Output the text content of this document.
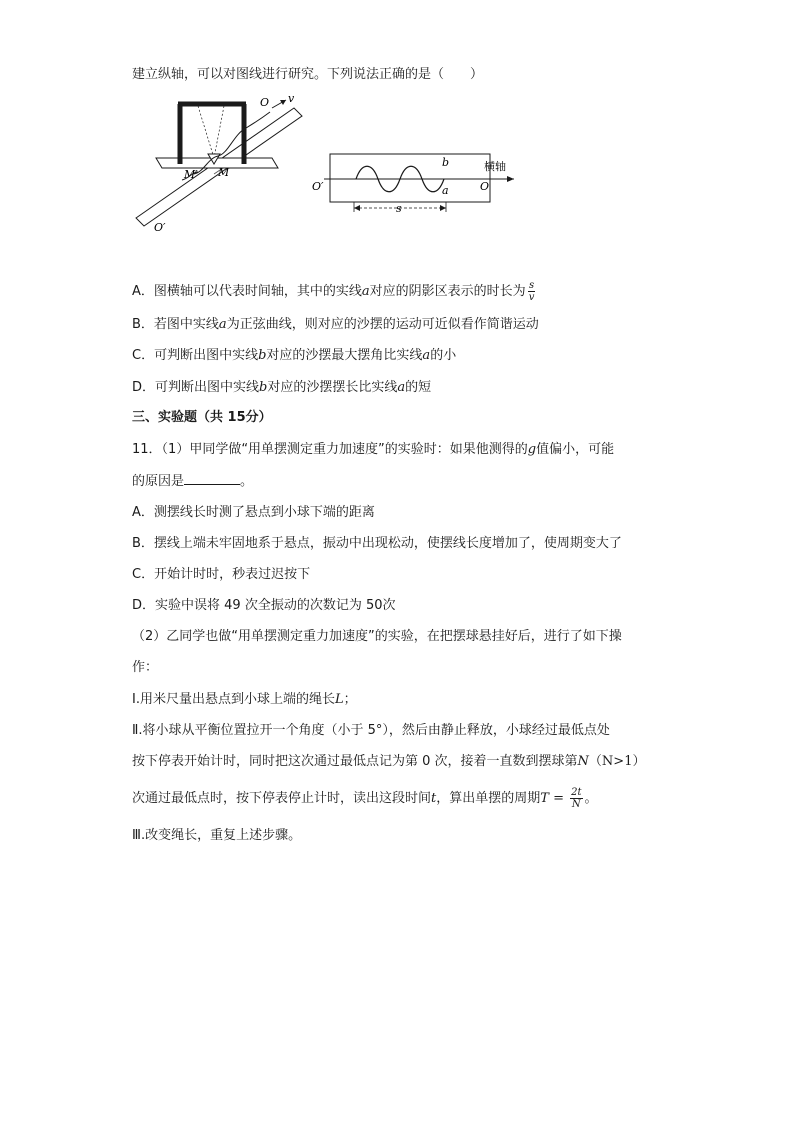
建立纵轴，可以对图线进行研究。下列说法正确的是（　　）
O v
M′ M
O′
O′	O
b
a
s
横轴
A．图横轴可以代表时间轴，其中的实线a对应的阴影区表示的时长为 $\frac{s}{v}$
B．若图中实线a为正弦曲线，则对应的沙摆的运动可近似看作简谐运动
C．可判断出图中实线b对应的沙摆最大摆角比实线a的小
D．可判断出图中实线b对应的沙摆摆长比实线a的短
三、实验题（共 15分）
11．（1）甲同学做“用单摆测定重力加速度”的实验时：如果他测得的g值偏小，可能
的原因是	。
A．测摆线长时测了悬点到小球下端的距离
B．摆线上端未牢固地系于悬点，振动中出现松动，使摆线长度增加了，使周期变大了
C．开始计时时，秒表过迟按下
D．实验中误将 49 次全振动的次数记为 50次
（2）乙同学也做“用单摆测定重力加速度”的实验，在把摆球悬挂好后，进行了如下操
作：
I.用米尺量出悬点到小球上端的绳长L；
Ⅱ.将小球从平衡位置拉开一个角度（小于 5°），然后由静止释放，小球经过最低点处
按下停表开始计时，同时把这次通过最低点记为第 0 次，接着一直数到摆球第N（N>1）
次通过最低点时，按下停表停止计时，读出这段时间t，算出单摆的周期$T = \frac{2t}{N}$ 。
Ⅲ.改变绳长，重复上述步骤。
